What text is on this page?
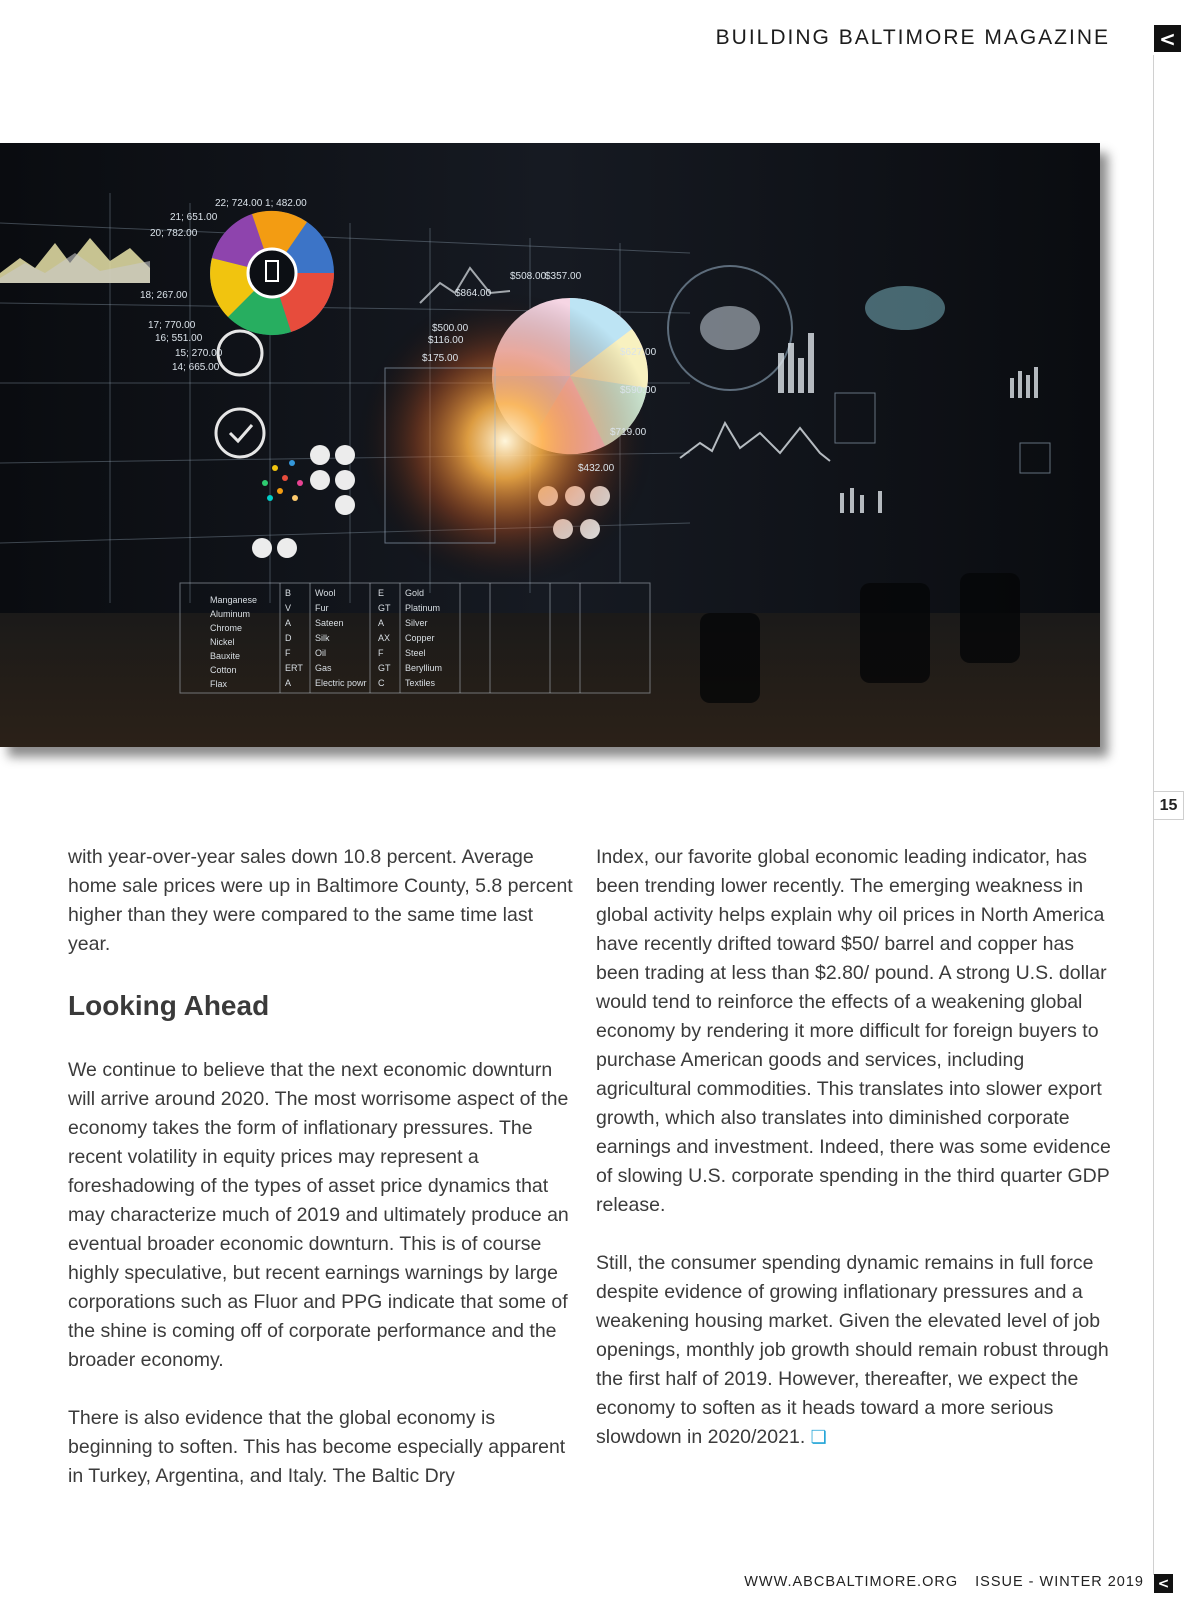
BUILDING BALTIMORE MAGAZINE <
15
22; 724.00 1; 482.00
21; 651.00
20; 782.00
18; 267.00
17; 770.00
16; 551.00
15; 270.00
14; 665.00
$864.00
$500.00
$116.00
$175.00
$508.00
$357.00
$627.00
$590.00
$719.00
$432.00
Manganese
Aluminum
Chrome
Nickel
Bauxite
Cotton
Flax
B
V
A
D
F
ERT
A
Wool
Fur
Sateen
Silk
Oil
Gas
Electric powr
E
GT
A
AX
F
GT
C
Gold
Platinum
Silver
Copper
Steel
Beryllium
Textiles

with year-over-year sales down 10.8 percent. Average home sale prices were up in Baltimore County, 5.8 percent higher than they were compared to the same time last year.

Looking Ahead

We continue to believe that the next economic downturn will arrive around 2020. The most worrisome aspect of the economy takes the form of inflationary pressures. The recent volatility in equity prices may represent a foreshadowing of the types of asset price dynamics that may characterize much of 2019 and ultimately produce an eventual broader economic downturn. This is of course highly speculative, but recent earnings warnings by large corporations such as Fluor and PPG indicate that some of the shine is coming off of corporate performance and the broader economy.

There is also evidence that the global economy is beginning to soften. This has become especially apparent in Turkey, Argentina, and Italy. The Baltic Dry

Index, our favorite global economic leading indicator, has been trending lower recently. The emerging weakness in global activity helps explain why oil prices in North America have recently drifted toward $50/ barrel and copper has been trading at less than $2.80/ pound. A strong U.S. dollar would tend to reinforce the effects of a weakening global economy by rendering it more difficult for foreign buyers to purchase American goods and services, including agricultural commodities. This translates into slower export growth, which also translates into diminished corporate earnings and investment. Indeed, there was some evidence of slowing U.S. corporate spending in the third quarter GDP release.

Still, the consumer spending dynamic remains in full force despite evidence of growing inflationary pressures and a weakening housing market. Given the elevated level of job openings, monthly job growth should remain robust through the first half of 2019. However, thereafter, we expect the economy to soften as it heads toward a more serious slowdown in 2020/2021. ❏

WWW.ABCBALTIMORE.ORG ISSUE - WINTER 2019 <
